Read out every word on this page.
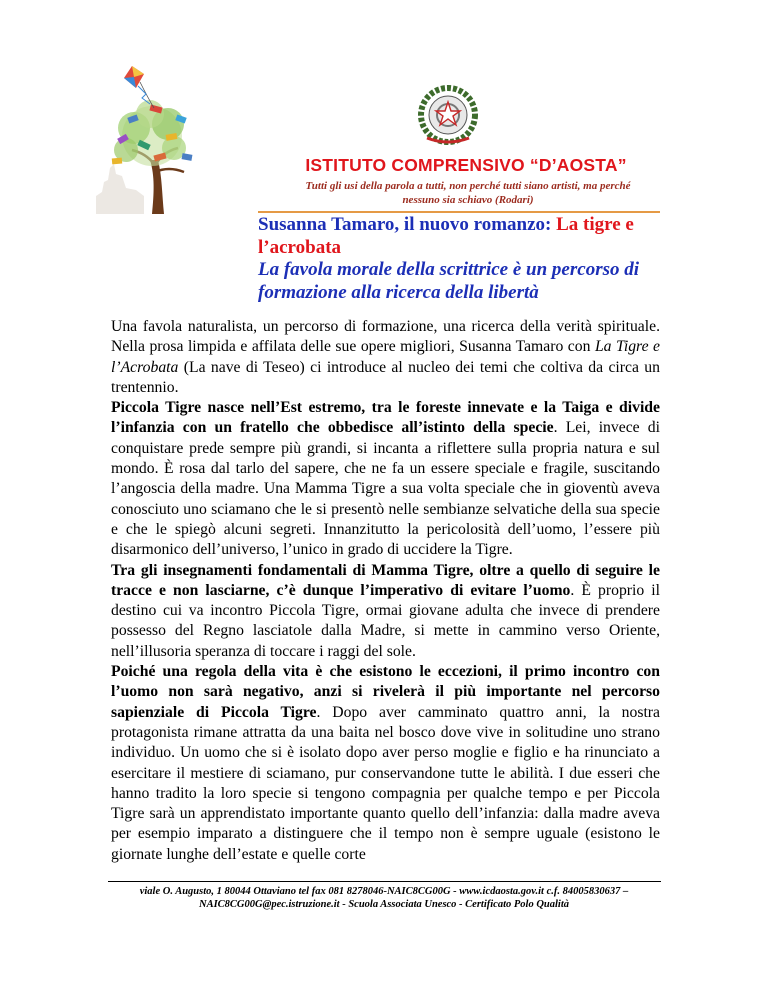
ISTITUTO COMPRENSIVO “D’AOSTA”
Tutti gli usi della parola a tutti, non perché tutti siano artisti, ma perché
nessuno sia schiavo (Rodari)
Susanna Tamaro, il nuovo romanzo: La tigre e l’acrobata
La favola morale della scrittrice è un percorso di formazione alla ricerca della libertà

Una favola naturalista, un percorso di formazione, una ricerca della verità spirituale. Nella prosa limpida e affilata delle sue opere migliori, Susanna Tamaro con La Tigre e l’Acrobata (La nave di Teseo) ci introduce al nucleo dei temi che coltiva da circa un trentennio.

Piccola Tigre nasce nell’Est estremo, tra le foreste innevate e la Taiga e divide l’infanzia con un fratello che obbedisce all’istinto della specie. Lei, invece di conquistare prede sempre più grandi, si incanta a riflettere sulla propria natura e sul mondo. È rosa dal tarlo del sapere, che ne fa un essere speciale e fragile, suscitando l’angoscia della madre. Una Mamma Tigre a sua volta speciale che in gioventù aveva conosciuto uno sciamano che le si presentò nelle sembianze selvatiche della sua specie e che le spiegò alcuni segreti. Innanzitutto la pericolosità dell’uomo, l’essere più disarmonico dell’universo, l’unico in grado di uccidere la Tigre.

Tra gli insegnamenti fondamentali di Mamma Tigre, oltre a quello di seguire le tracce e non lasciarne, c’è dunque l’imperativo di evitare l’uomo. È proprio il destino cui va incontro Piccola Tigre, ormai giovane adulta che invece di prendere possesso del Regno lasciatole dalla Madre, si mette in cammino verso Oriente, nell’illusoria speranza di toccare i raggi del sole.

Poiché una regola della vita è che esistono le eccezioni, il primo incontro con l’uomo non sarà negativo, anzi si rivelerà il più importante nel percorso sapienziale di Piccola Tigre. Dopo aver camminato quattro anni, la nostra protagonista rimane attratta da una baita nel bosco dove vive in solitudine uno strano individuo. Un uomo che si è isolato dopo aver perso moglie e figlio e ha rinunciato a esercitare il mestiere di sciamano, pur conservandone tutte le abilità. I due esseri che hanno tradito la loro specie si tengono compagnia per qualche tempo e per Piccola Tigre sarà un apprendistato importante quanto quello dell’infanzia: dalla madre aveva per esempio imparato a distinguere che il tempo non è sempre uguale (esistono le giornate lunghe dell’estate e quelle corte

viale O. Augusto, 1 80044 Ottaviano tel fax 081 8278046-NAIC8CG00G - www.icdaosta.gov.it c.f. 84005830637 –
NAIC8CG00G@pec.istruzione.it - Scuola Associata Unesco - Certificato Polo Qualità
